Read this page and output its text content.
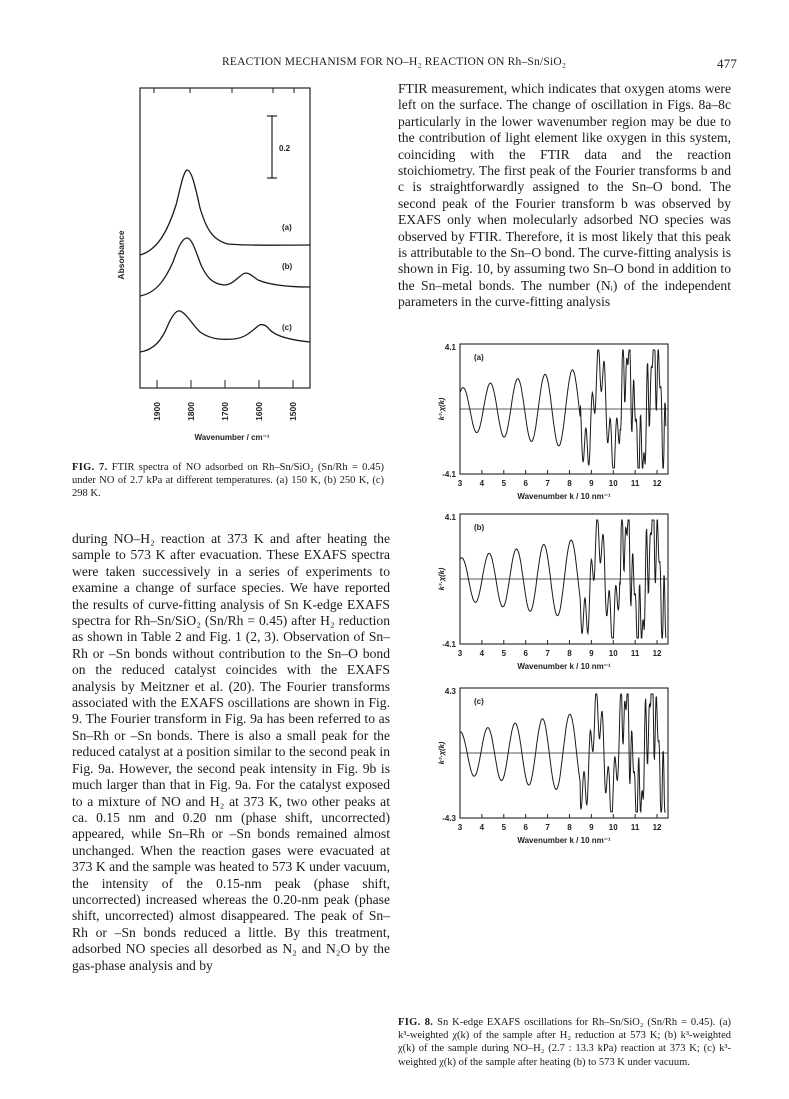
REACTION MECHANISM FOR NO–H₂ REACTION ON Rh–Sn/SiO₂	477

FTIR measurement, which indicates that oxygen atoms were left on the surface. The change of oscillation in Figs. 8a–8c particularly in the lower wavenumber region may be due to the contribution of light element like oxygen in this system, coinciding with the FTIR data and the reaction stoichiometry. The first peak of the Fourier transforms b and c is straightforwardly assigned to the Sn–O bond. The second peak of the Fourier transform b was observed by EXAFS only when molecularly adsorbed NO species was observed by FTIR. Therefore, it is most likely that this peak is attributable to the Sn–O bond. The curve-fitting analysis is shown in Fig. 10, by assuming two Sn–O bond in addition to the Sn–metal bonds. The number (Nᵢ) of the independent parameters in the curve-fitting analysis

0.2
Absorbance
(a)
(b)
(c)
1900	1800	1700	1600	1500
Wavenumber / cm⁻¹
FIG. 7. FTIR spectra of NO adsorbed on Rh–Sn/SiO₂ (Sn/Rh = 0.45) under NO of 2.7 kPa at different temperatures. (a) 150 K, (b) 250 K, (c) 298 K.

during NO–H₂ reaction at 373 K and after heating the sample to 573 K after evacuation. These EXAFS spectra were taken successively in a series of experiments to examine a change of surface species. We have reported the results of curve-fitting analysis of Sn K-edge EXAFS spectra for Rh–Sn/SiO₂ (Sn/Rh = 0.45) after H₂ reduction as shown in Table 2 and Fig. 1 (2, 3). Observation of Sn–Rh or –Sn bonds without contribution to the Sn–O bond on the reduced catalyst coincides with the EXAFS analysis by Meitzner et al. (20). The Fourier transforms associated with the EXAFS oscillations are shown in Fig. 9. The Fourier transform in Fig. 9a has been referred to as Sn–Rh or –Sn bonds. There is also a small peak for the reduced catalyst at a position similar to the second peak in Fig. 9a. However, the second peak intensity in Fig. 9b is much larger than that in Fig. 9a. For the catalyst exposed to a mixture of NO and H₂ at 373 K, two other peaks at ca. 0.15 nm and 0.20 nm (phase shift, uncorrected) appeared, while Sn–Rh or –Sn bonds remained almost unchanged. When the reaction gases were evacuated at 373 K and the sample was heated to 573 K under vacuum, the intensity of the 0.15-nm peak (phase shift, uncorrected) increased whereas the 0.20-nm peak (phase shift, uncorrected) almost disappeared. The peak of Sn–Rh or –Sn bonds reduced a little. By this treatment, adsorbed NO species all desorbed as N₂ and N₂O by the gas-phase analysis and by

3 4 5 6 7 8 9 10 11 12
4.1
-4.1
(a)
k³·χ(k)
Wavenumber k / 10 nm⁻¹
3 4 5 6 7 8 9 10 11 12
4.1
-4.1
(b)
k³·χ(k)
Wavenumber k / 10 nm⁻¹
3 4 5 6 7 8 9 10 11 12
4.3
-4.3
(c)
k³·χ(k)
Wavenumber k / 10 nm⁻¹
FIG. 8. Sn K-edge EXAFS oscillations for Rh–Sn/SiO₂ (Sn/Rh = 0.45). (a) k³-weighted χ(k) of the sample after H₂ reduction at 573 K; (b) k³-weighted χ(k) of the sample during NO–H₂ (2.7 : 13.3 kPa) reaction at 373 K; (c) k³-weighted χ(k) of the sample after heating (b) to 573 K under vacuum.
